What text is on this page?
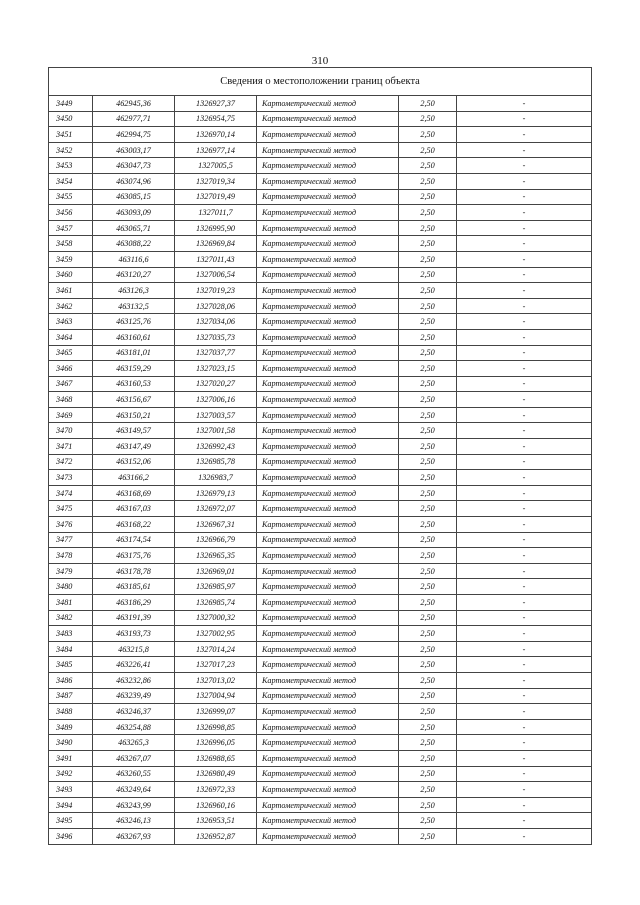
310
Сведения о местоположении границ объекта					
3449	462945,36	1326927,37	Картометрический метод	2,50	-
3450	462977,71	1326954,75	Картометрический метод	2,50	-
3451	462994,75	1326970,14	Картометрический метод	2,50	-
3452	463003,17	1326977,14	Картометрический метод	2,50	-
3453	463047,73	1327005,5	Картометрический метод	2,50	-
3454	463074,96	1327019,34	Картометрический метод	2,50	-
3455	463085,15	1327019,49	Картометрический метод	2,50	-
3456	463093,09	1327011,7	Картометрический метод	2,50	-
3457	463065,71	1326995,90	Картометрический метод	2,50	-
3458	463088,22	1326969,84	Картометрический метод	2,50	-
3459	463116,6	1327011,43	Картометрический метод	2,50	-
3460	463120,27	1327006,54	Картометрический метод	2,50	-
3461	463126,3	1327019,23	Картометрический метод	2,50	-
3462	463132,5	1327028,06	Картометрический метод	2,50	-
3463	463125,76	1327034,06	Картометрический метод	2,50	-
3464	463160,61	1327035,73	Картометрический метод	2,50	-
3465	463181,01	1327037,77	Картометрический метод	2,50	-
3466	463159,29	1327023,15	Картометрический метод	2,50	-
3467	463160,53	1327020,27	Картометрический метод	2,50	-
3468	463156,67	1327006,16	Картометрический метод	2,50	-
3469	463150,21	1327003,57	Картометрический метод	2,50	-
3470	463149,57	1327001,58	Картометрический метод	2,50	-
3471	463147,49	1326992,43	Картометрический метод	2,50	-
3472	463152,06	1326985,78	Картометрический метод	2,50	-
3473	463166,2	1326983,7	Картометрический метод	2,50	-
3474	463168,69	1326979,13	Картометрический метод	2,50	-
3475	463167,03	1326972,07	Картометрический метод	2,50	-
3476	463168,22	1326967,31	Картометрический метод	2,50	-
3477	463174,54	1326966,79	Картометрический метод	2,50	-
3478	463175,76	1326965,35	Картометрический метод	2,50	-
3479	463178,78	1326969,01	Картометрический метод	2,50	-
3480	463185,61	1326985,97	Картометрический метод	2,50	-
3481	463186,29	1326985,74	Картометрический метод	2,50	-
3482	463191,39	1327000,32	Картометрический метод	2,50	-
3483	463193,73	1327002,95	Картометрический метод	2,50	-
3484	463215,8	1327014,24	Картометрический метод	2,50	-
3485	463226,41	1327017,23	Картометрический метод	2,50	-
3486	463232,86	1327013,02	Картометрический метод	2,50	-
3487	463239,49	1327004,94	Картометрический метод	2,50	-
3488	463246,37	1326999,07	Картометрический метод	2,50	-
3489	463254,88	1326998,85	Картометрический метод	2,50	-
3490	463265,3	1326996,05	Картометрический метод	2,50	-
3491	463267,07	1326988,65	Картометрический метод	2,50	-
3492	463260,55	1326980,49	Картометрический метод	2,50	-
3493	463249,64	1326972,33	Картометрический метод	2,50	-
3494	463243,99	1326960,16	Картометрический метод	2,50	-
3495	463246,13	1326953,51	Картометрический метод	2,50	-
3496	463267,93	1326952,87	Картометрический метод	2,50	-
